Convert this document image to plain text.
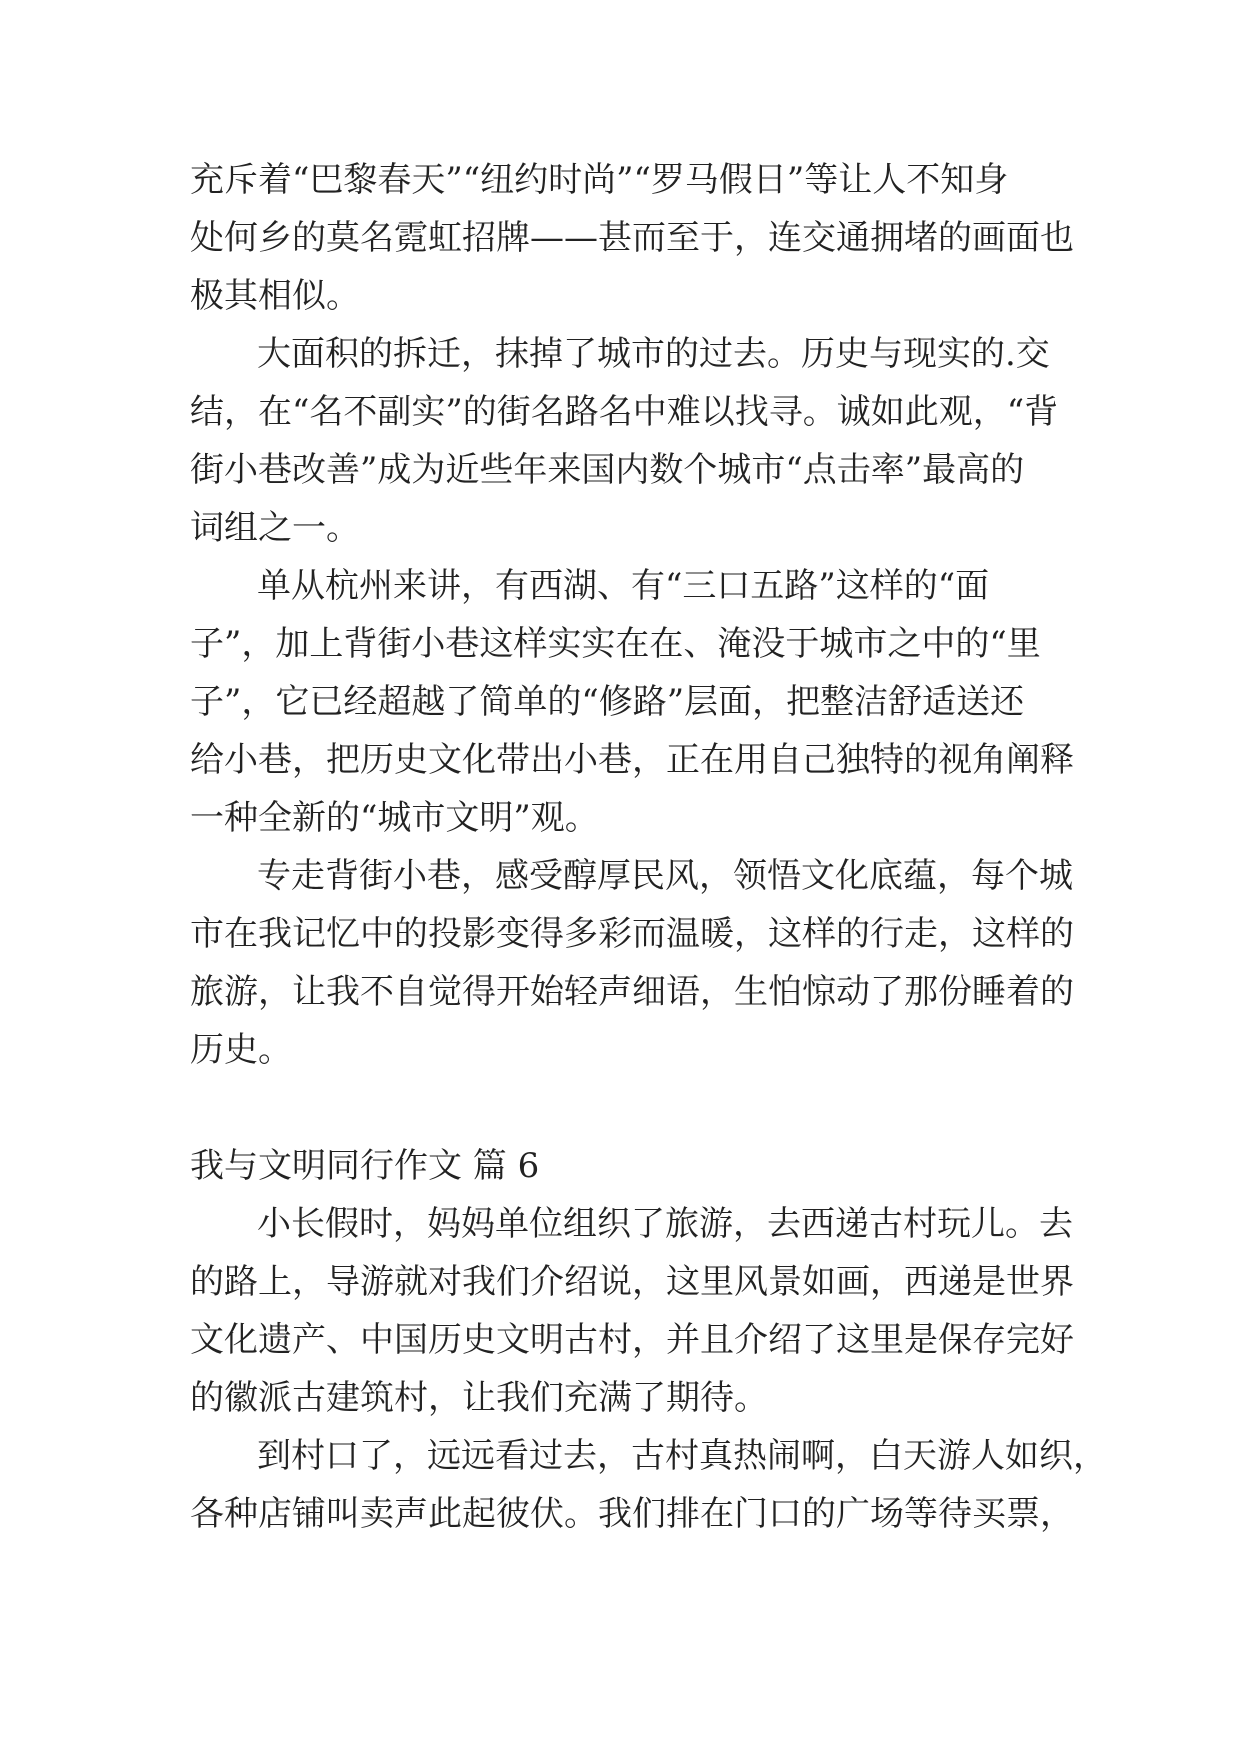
充斥着“巴黎春天”“纽约时尚”“罗马假日”等让人不知身
处何乡的莫名霓虹招牌——甚而至于，连交通拥堵的画面也
极其相似。
大面积的拆迁，抹掉了城市的过去。历史与现实的.交
结，在“名不副实”的街名路名中难以找寻。诚如此观，“背
街小巷改善”成为近些年来国内数个城市“点击率”最高的
词组之一。
单从杭州来讲，有西湖、有“三口五路”这样的“面
子”，加上背街小巷这样实实在在、淹没于城市之中的“里
子”，它已经超越了简单的“修路”层面，把整洁舒适送还
给小巷，把历史文化带出小巷，正在用自己独特的视角阐释
一种全新的“城市文明”观。
专走背街小巷，感受醇厚民风，领悟文化底蕴，每个城
市在我记忆中的投影变得多彩而温暖，这样的行走，这样的
旅游，让我不自觉得开始轻声细语，生怕惊动了那份睡着的
历史。
我与文明同行作文 篇 6
小长假时，妈妈单位组织了旅游，去西递古村玩儿。去
的路上，导游就对我们介绍说，这里风景如画，西递是世界
文化遗产、中国历史文明古村，并且介绍了这里是保存完好
的徽派古建筑村，让我们充满了期待。
到村口了，远远看过去，古村真热闹啊，白天游人如织，
各种店铺叫卖声此起彼伏。我们排在门口的广场等待买票，
